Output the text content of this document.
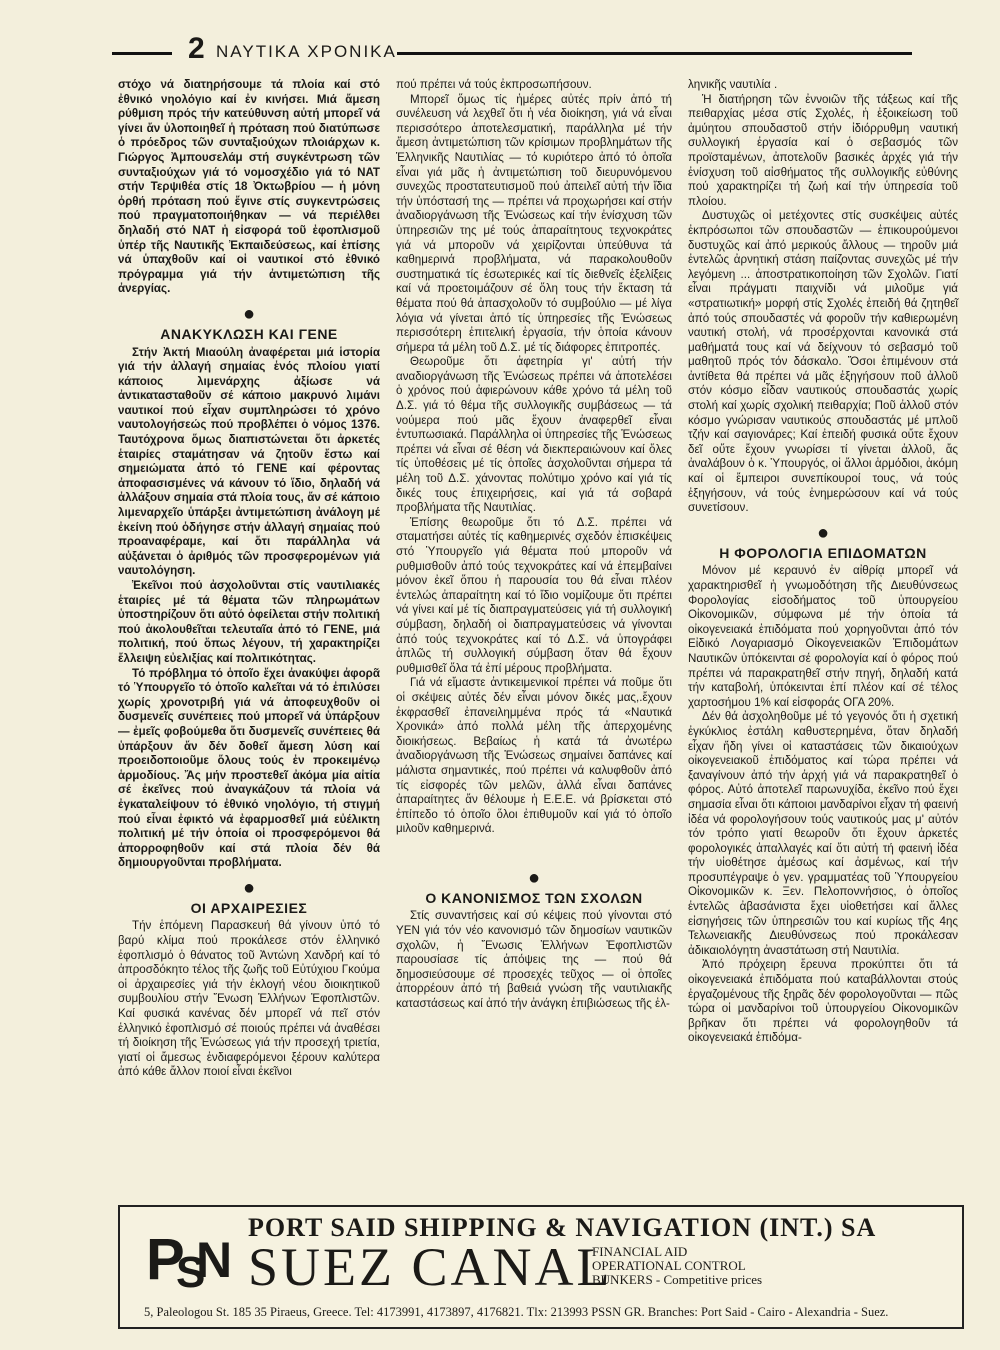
2 ΝΑΥΤΙΚΑ ΧΡΟΝΙΚΑ

στόχο νά διατηρήσουμε τά πλοία καί στό ἐθνικό νηολόγιο καί ἐν κινήσει. Μιά ἄμεση ρύθμιση πρός τήν κατεύθυνση αὐτή μπορεῖ νά γίνει ἄν ὑλοποιηθεῖ ἡ πρόταση πού διατύπωσε ὁ πρόεδρος τῶν συνταξιούχων πλοιάρχων κ. Γιώργος Ἀμπουσελάμ στή συγκέντρωση τῶν συνταξιούχων γιά τό νομοσχέδιο γιά τό ΝΑΤ στήν Τερψιθέα στίς 18 Ὀκτωβρίου — ἡ μόνη ὀρθή πρόταση πού ἔγινε στίς συγκεντρώσεις πού πραγματοποιήθηκαν — νά περιέλθει δηλαδή στό ΝΑΤ ἡ εἰσφορά τοῦ ἐφοπλισμοῦ ὑπέρ τῆς Ναυτικῆς Ἐκπαιδεύσεως, καί ἐπίσης νά ὑπαχθοῦν καί οἱ ναυτικοί στό ἐθνικό πρόγραμμα γιά τήν ἀντιμετώπιση τῆς ἀνεργίας.

●
ΑΝΑΚΥΚΛΩΣΗ ΚΑΙ ΓΕΝΕ

Στήν Ἀκτή Μιαούλη ἀναφέρεται μιά ἱστορία γιά τήν ἀλλαγή σημαίας ἑνός πλοίου γιατί κάποιος λιμενάρχης ἀξίωσε νά ἀντικατασταθοῦν σέ κάποιο μακρυνό λιμάνι ναυτικοί πού εἶχαν συμπληρώσει τό χρόνο ναυτολογήσεώς πού προβλέπει ὁ νόμος 1376. Ταυτόχρονα ὅμως διαπιστώνεται ὅτι ἀρκετές ἑταιρίες σταμάτησαν νά ζητοῦν ἔστω καί σημειώματα ἀπό τό ΓΕΝΕ καί φέροντας ἀποφασισμένες νά κάνουν τό ἴδιο, δηλαδή νά ἀλλάξουν σημαία στά πλοία τους, ἄν σέ κάποιο λιμεναρχεῖο ὑπάρξει ἀντιμετώπιση ἀνάλογη μέ ἐκείνη πού ὁδήγησε στήν ἀλλαγή σημαίας πού προαναφέραμε, καί ὅτι παράλληλα νά αὐξάνεται ὁ ἀριθμός τῶν προσφερομένων γιά ναυτολόγηση.

Ἐκεῖνοι πού ἀσχολοῦνται στίς ναυτιλιακές ἑταιρίες μέ τά θέματα τῶν πληρωμάτων ὑποστηρίζουν ὅτι αὐτό ὀφείλεται στήν πολιτική πού ἀκολουθεῖται τελευταῖα ἀπό τό ΓΕΝΕ, μιά πολιτική, πού ὅπως λέγουν, τή χαρακτηρίζει ἔλλειψη εὐελιξίας καί πολιτικότητας.

Τό πρόβλημα τό ὁποῖο ἔχει ἀνακύψει ἀφορᾶ τό Ὑπουργεῖο τό ὁποῖο καλεῖται νά τό ἐπιλύσει χωρίς χρονοτριβή γιά νά ἀποφευχθοῦν οἱ δυσμενεῖς συνέπειες πού μπορεῖ νά ὑπάρξουν — ἐμεῖς φοβούμεθα ὅτι δυσμενεῖς συνέπειες θά ὑπάρξουν ἄν δέν δοθεῖ ἄμεση λύση καί προειδοποιοῦμε ὅλους τούς ἐν προκειμένῳ ἁρμοδίους. Ἄς μήν προστεθεῖ ἀκόμα μία αἰτία σέ ἐκεῖνες πού ἀναγκάζουν τά πλοία νά ἐγκαταλείψουν τό ἐθνικό νηολόγιο, τή στιγμή πού εἶναι ἐφικτό νά ἐφαρμοσθεῖ μιά εὐέλικτη πολιτική μέ τήν ὁποία οἱ προσφερόμενοι θά ἀπορροφηθοῦν καί στά πλοία δέν θά δημιουργοῦνται προβλήματα.

●
ΟΙ ΑΡΧΑΙΡΕΣΙΕΣ

Τήν ἑπόμενη Παρασκευή θά γίνουν ὑπό τό βαρύ κλίμα πού προκάλεσε στόν ἑλληνικό ἐφοπλισμό ὁ θάνατος τοῦ Ἀντώνη Χανδρή καί τό ἀπροσδόκητο τέλος τῆς ζωῆς τοῦ Εὐτύχιου Γκούμα οἱ ἀρχαιρεσίες γιά τήν ἐκλογή νέου διοικητικοῦ συμβουλίου στήν Ἕνωση Ἑλλήνων Ἐφοπλιστῶν. Καί φυσικά κανένας δέν μπορεῖ νά πεῖ στόν ἑλληνικό ἐφοπλισμό σέ ποιούς πρέπει νά ἀναθέσει τή διοίκηση τῆς Ἑνώσεως γιά τήν προσεχή τριετία, γιατί οἱ ἄμεσως ἐνδιαφερόμενοι ξέρουν καλύτερα ἀπό κάθε ἄλλον ποιοί εἶναι ἐκεῖνοι

πού πρέπει νά τούς ἐκπροσωπήσουν.

Μπορεῖ ὅμως τίς ἡμέρες αὐτές πρίν ἀπό τή συνέλευση νά λεχθεῖ ὅτι ἡ νέα διοίκηση, γιά νά εἶναι περισσότερο ἀποτελεσματική, παράλληλα μέ τήν ἄμεση ἀντιμετώπιση τῶν κρίσιμων προβλημάτων τῆς Ἑλληνικῆς Ναυτιλίας — τό κυριότερο ἀπό τό ὁποῖα εἶναι γιά μᾶς ἡ ἀντιμετώπιση τοῦ διευρυνόμενου συνεχῶς προστατευτισμοῦ πού ἀπειλεῖ αὐτή τήν ἴδια τήν ὑπόστασή της — πρέπει νά προχωρήσει καί στήν ἀναδιοργάνωση τῆς Ἑνώσεως καί τήν ἐνίσχυση τῶν ὑπηρεσιῶν της μέ τούς ἀπαραίτητους τεχνοκράτες γιά νά μποροῦν νά χειρίζονται ὑπεύθυνα τά καθημερινά προβλήματα, νά παρακολουθοῦν συστηματικά τίς ἐσωτερικές καί τίς διεθνεῖς ἐξελίξεις καί νά προετοιμάζουν σέ ὅλη τους τήν ἔκταση τά θέματα πού θά ἀπασχολοῦν τό συμβούλιο — μέ λίγα λόγια νά γίνεται ἀπό τίς ὑπηρεσίες τῆς Ἑνώσεως περισσότερη ἐπιτελική ἐργασία, τήν ὁποία κάνουν σήμερα τά μέλη τοῦ Δ.Σ. μέ τίς διάφορες ἐπιτροπές.

Θεωροῦμε ὅτι ἀφετηρία γι' αὐτή τήν αναδιοργάνωση τῆς Ἑνώσεως πρέπει νά ἀποτελέσει ὁ χρόνος πού ἀφιερώνουν κάθε χρόνο τά μέλη τοῦ Δ.Σ. γιά τό θέμα τῆς συλλογικῆς συμβάσεως — τά νούμερα πού μᾶς ἔχουν ἀναφερθεῖ εἶναι ἐντυπωσιακά. Παράλληλα οἱ ὑπηρεσίες τῆς Ἑνώσεως πρέπει νά εἶναι σέ θέση νά διεκπεραιώνουν καί ὅλες τίς ὑποθέσεις μέ τίς ὁποῖες ἀσχολοῦνται σήμερα τά μέλη τοῦ Δ.Σ. χάνοντας πολύτιμο χρόνο καί γιά τίς δικές τους ἐπιχειρήσεις, καί γιά τά σοβαρά προβλήματα τῆς Ναυτιλίας.

Ἐπίσης θεωροῦμε ὅτι τό Δ.Σ. πρέπει νά σταματήσει αὐτές τίς καθημερινές σχεδόν ἐπισκέψεις στό Ὑπουργεῖο γιά θέματα πού μποροῦν νά ρυθμισθοῦν ἀπό τούς τεχνοκράτες καί νά ἐπεμβαίνει μόνον ἐκεῖ ὅπου ἡ παρουσία του θά εἶναι πλέον ἐντελώς ἀπαραίτητη καί τό ἴδιο νομίζουμε ὅτι πρέπει νά γίνει καί μέ τίς διαπραγματεύσεις γιά τή συλλογική σύμβαση, δηλαδή οἱ διαπραγματεύσεις νά γίνονται ἀπό τούς τεχνοκράτες καί τό Δ.Σ. νά ὑπογράφει ἁπλῶς τή συλλογική σύμβαση ὅταν θά ἔχουν ρυθμισθεῖ ὅλα τά ἐπί μέρους προβλήματα.

Γιά νά εἴμαστε ἀντικειμενικοί πρέπει νά ποῦμε ὅτι οἱ σκέψεις αὐτές δέν εἶναι μόνον δικές μας,.ἔχουν ἐκφρασθεῖ ἐπανειλημμένα πρός τά «Ναυτικά Χρονικά» ἀπό πολλά μέλη τῆς ἀπερχομένης διοικήσεως. Βεβαίως ἡ κατά τά ἀνωτέρω ἀναδιοργάνωση τῆς Ἑνώσεως σημαίνει δαπάνες καί μάλιστα σημαντικές, πού πρέπει νά καλυφθοῦν ἀπό τίς εἰσφορές τῶν μελῶν, ἀλλά εἶναι δαπάνες ἀπαραίτητες ἄν θέλουμε ἡ Ε.Ε.Ε. νά βρίσκεται στό ἐπίπεδο τό ὁποῖο ὅλοι ἐπιθυμοῦν καί γιά τό ὁποῖο μιλοῦν καθημερινά.

●
Ο ΚΑΝΟΝΙΣΜΟΣ ΤΩΝ ΣΧΟΛΩΝ

Στίς συναντήσεις καί σύ κέψεις πού γίνονται στό ΥΕΝ γιά τόν νέο κανονισμό τῶν δημοσίων ναυτικῶν σχολῶν, ἡ Ἕνωσις Ἑλλήνων Ἐφοπλιστῶν παρουσίασε τίς ἀπόψεις της — πού θά δημοσιεύσουμε σέ προσεχές τεῦχος — οἱ ὁποῖες ἀπορρέουν ἀπό τή βαθειά γνώση τῆς ναυτιλιακῆς καταστάσεως καί ἀπό τήν ἀνάγκη ἐπιβιώσεως τῆς ἑλ-

ληνικῆς ναυτιλία .

Ἡ διατήρηση τῶν ἐννοιῶν τῆς τάξεως καί τῆς πειθαρχίας μέσα στίς Σχολές, ἡ ἐξοικείωση τοῦ ἀμύητου σπουδαστοῦ στήν ἰδιόρρυθμη ναυτική συλλογική ἐργασία καί ὁ σεβασμός τῶν προϊσταμένων, ἀποτελοῦν βασικές ἀρχές γιά τήν ἐνίσχυση τοῦ αἰσθήματος τῆς συλλογικῆς εὐθύνης πού χαρακτηρίζει τή ζωή καί τήν ὑπηρεσία τοῦ πλοίου.

Δυστυχῶς οἱ μετέχοντες στίς συσκέψεις αὐτές ἐκπρόσωποι τῶν σπουδαστῶν — ἐπικουρούμενοι δυστυχῶς καί ἀπό μερικούς ἄλλους — τηροῦν μιά ἐντελῶς ἀρνητική στάση παίζοντας συνεχῶς μέ τήν λεγόμενη ... ἀποστρατικοποίηση τῶν Σχολῶν. Γιατί εἶναι πράγματι παιχνίδι νά μιλοῦμε γιά «στρατιωτική» μορφή στίς Σχολές ἐπειδή θά ζητηθεῖ ἀπό τούς σπουδαστές νά φοροῦν τήν καθιερωμένη ναυτική στολή, νά προσέρχονται κανονικά στά μαθήματά τους καί νά δείχνουν τό σεβασμό τοῦ μαθητοῦ πρός τόν δάσκαλο. Ὅσοι ἐπιμένουν στά ἀντίθετα θά πρέπει νά μᾶς ἐξηγήσουν ποῦ ἀλλοῦ στόν κόσμο εἶδαν ναυτικούς σπουδαστάς χωρίς στολή καί χωρίς σχολική πειθαρχία; Ποῦ ἀλλοῦ στόν κόσμο γνώρισαν ναυτικούς σπουδαστάς μέ μπλοῦ τζήν καί σαγιονάρες; Καί ἐπειδή φυσικά οὔτε ἔχουν δεῖ οὔτε ἔχουν γνωρίσει τί γίνεται ἀλλοῦ, ἄς ἀναλάβουν ὁ κ. Ὑπουργός, οἱ ἄλλοι ἁρμόδιοι, ἀκόμη καί οἱ ἔμπειροι συνεπίκουροί τους, νά τούς ἐξηγήσουν, νά τούς ἐνημερώσουν καί νά τούς συνετίσουν.

●
Η ΦΟΡΟΛΟΓΙΑ ΕΠΙΔΟΜΑΤΩΝ

Μόνον μέ κεραυνό ἐν αἰθρίᾳ μπορεῖ νά χαρακτηρισθεῖ ἡ γνωμοδότηση τῆς Διευθύνσεως Φορολογίας εἰσοδήματος τοῦ ὑπουργείου Οἰκονομικῶν, σύμφωνα μέ τήν ὁποία τά οἰκογενειακά ἐπιδόματα πού χορηγοῦνται ἀπό τόν Εἰδικό Λογαριασμό Οἰκογενειακῶν Ἐπιδομάτων Ναυτικῶν ὑπόκεινται σέ φορολογία καί ὁ φόρος πού πρέπει νά παρακρατηθεῖ στήν πηγή, δηλαδή κατά τήν καταβολή, ὑπόκεινται ἐπί πλέον καί σέ τέλος χαρτοσήμου 1% καί εἰσφοράς ΟΓΑ 20%.

Δέν θά ἀσχοληθοῦμε μέ τό γεγονός ὅτι ἡ σχετική ἐγκύκλιος ἐστάλη καθυστερημένα, ὅταν δηλαδή εἶχαν ἤδη γίνει οἱ καταστάσεις τῶν δικαιούχων οἰκογενειακοῦ ἐπιδόματος καί τώρα πρέπει νά ξαναγίνουν ἀπό τήν ἀρχή γιά νά παρακρατηθεῖ ὁ φόρος. Αὐτό ἀποτελεῖ παρωνυχίδα, ἐκεῖνο πού ἔχει σημασία εἶναι ὅτι κάποιοι μανδαρίνοι εἶχαν τή φαεινή ἰδέα νά φορολογήσουν τούς ναυτικούς μας μ' αὐτόν τόν τρόπο γιατί θεωροῦν ὅτι ἔχουν ἀρκετές φορολογικές ἀπαλλαγές καί ὅτι αὐτή τή φαεινή ἰδέα τήν υἱοθέτησε ἀμέσως καί ἀσμένως, καί τήν προσυπέγραψε ὁ γεν. γραμματέας τοῦ Ὑπουργείου Οἰκονομικῶν κ. Ξεν. Πελοποννήσιος, ὁ ὁποῖος ἐντελῶς ἀβασάνιστα ἔχει υἱοθετήσει καί ἄλλες εἰσηγήσεις τῶν ὑπηρεσιῶν του καί κυρίως τῆς 4ης Τελωνειακῆς Διευθύνσεως πού προκάλεσαν ἀδικαιολόγητη ἀναστάτωση στή Ναυτιλία.

Ἀπό πρόχειρη ἔρευνα προκύπτει ὅτι τά οἰκογενειακά ἐπιδόματα πού καταβάλλονται στούς ἐργαζομένους τῆς ξηρᾶς δέν φορολογοῦνται — πῶς τώρα οἱ μανδαρίνοι τοῦ ὑπουργείου Οἰκονομικῶν βρῆκαν ὅτι πρέπει νά φορολογηθοῦν τά οἰκογενειακά ἐπιδόμα-

P
S
N
PORT SAID SHIPPING & NAVIGATION (INT.) SA
SUEZ CANAL
FINANCIAL AID
OPERATIONAL CONTROL
BUNKERS - Competitive prices
5, Paleologou St. 185 35 Piraeus, Greece. Tel: 4173991, 4173897, 4176821. Tlx: 213993 PSSN GR. Branches: Port Said - Cairo - Alexandria - Suez.
